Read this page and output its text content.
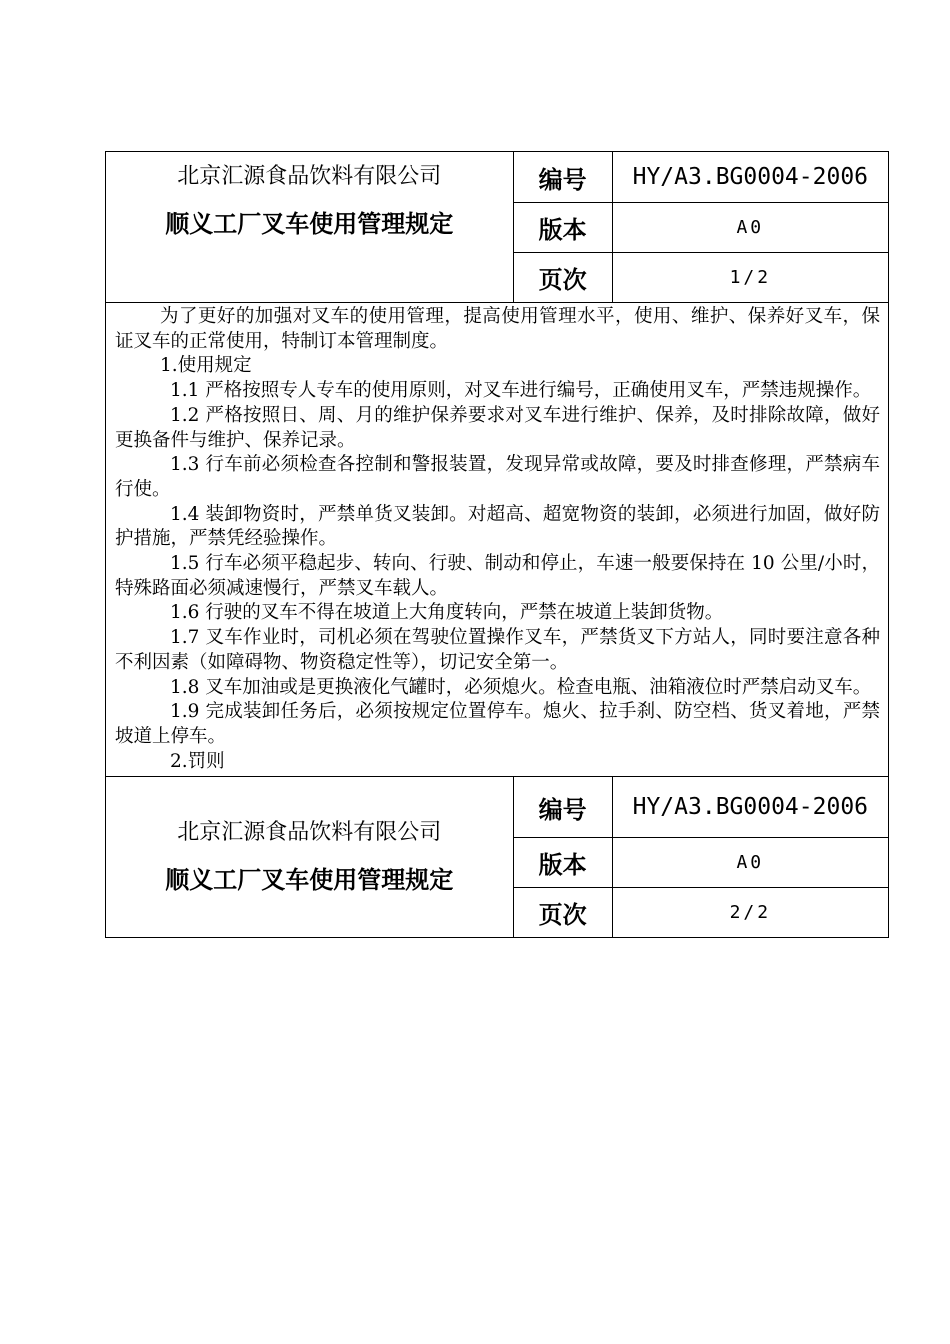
北京汇源食品饮料有限公司
顺义工厂叉车使用管理规定	编号	HY/A3.BG0004-2006
	版本	A0
	页次	1/2

为了更好的加强对叉车的使用管理，提高使用管理水平，使用、维护、保养好叉车，保证叉车的正常使用，特制订本管理制度。

1.使用规定

1.1 严格按照专人专车的使用原则，对叉车进行编号，正确使用叉车，严禁违规操作。

1.2 严格按照日、周、月的维护保养要求对叉车进行维护、保养，及时排除故障，做好更换备件与维护、保养记录。

1.3 行车前必须检查各控制和警报装置，发现异常或故障，要及时排查修理，严禁病车行使。

1.4 装卸物资时，严禁单货叉装卸。对超高、超宽物资的装卸，必须进行加固，做好防护措施，严禁凭经验操作。

1.5 行车必须平稳起步、转向、行驶、制动和停止，车速一般要保持在 10 公里/小时，特殊路面必须减速慢行，严禁叉车载人。

1.6 行驶的叉车不得在坡道上大角度转向，严禁在坡道上装卸货物。

1.7 叉车作业时，司机必须在驾驶位置操作叉车，严禁货叉下方站人，同时要注意各种不利因素（如障碍物、物资稳定性等），切记安全第一。

1.8 叉车加油或是更换液化气罐时，必须熄火。检查电瓶、油箱液位时严禁启动叉车。

1.9 完成装卸任务后，必须按规定位置停车。熄火、拉手刹、防空档、货叉着地，严禁坡道上停车。

2.罚则

北京汇源食品饮料有限公司
顺义工厂叉车使用管理规定	编号	HY/A3.BG0004-2006
	版本	A0
	页次	2/2
